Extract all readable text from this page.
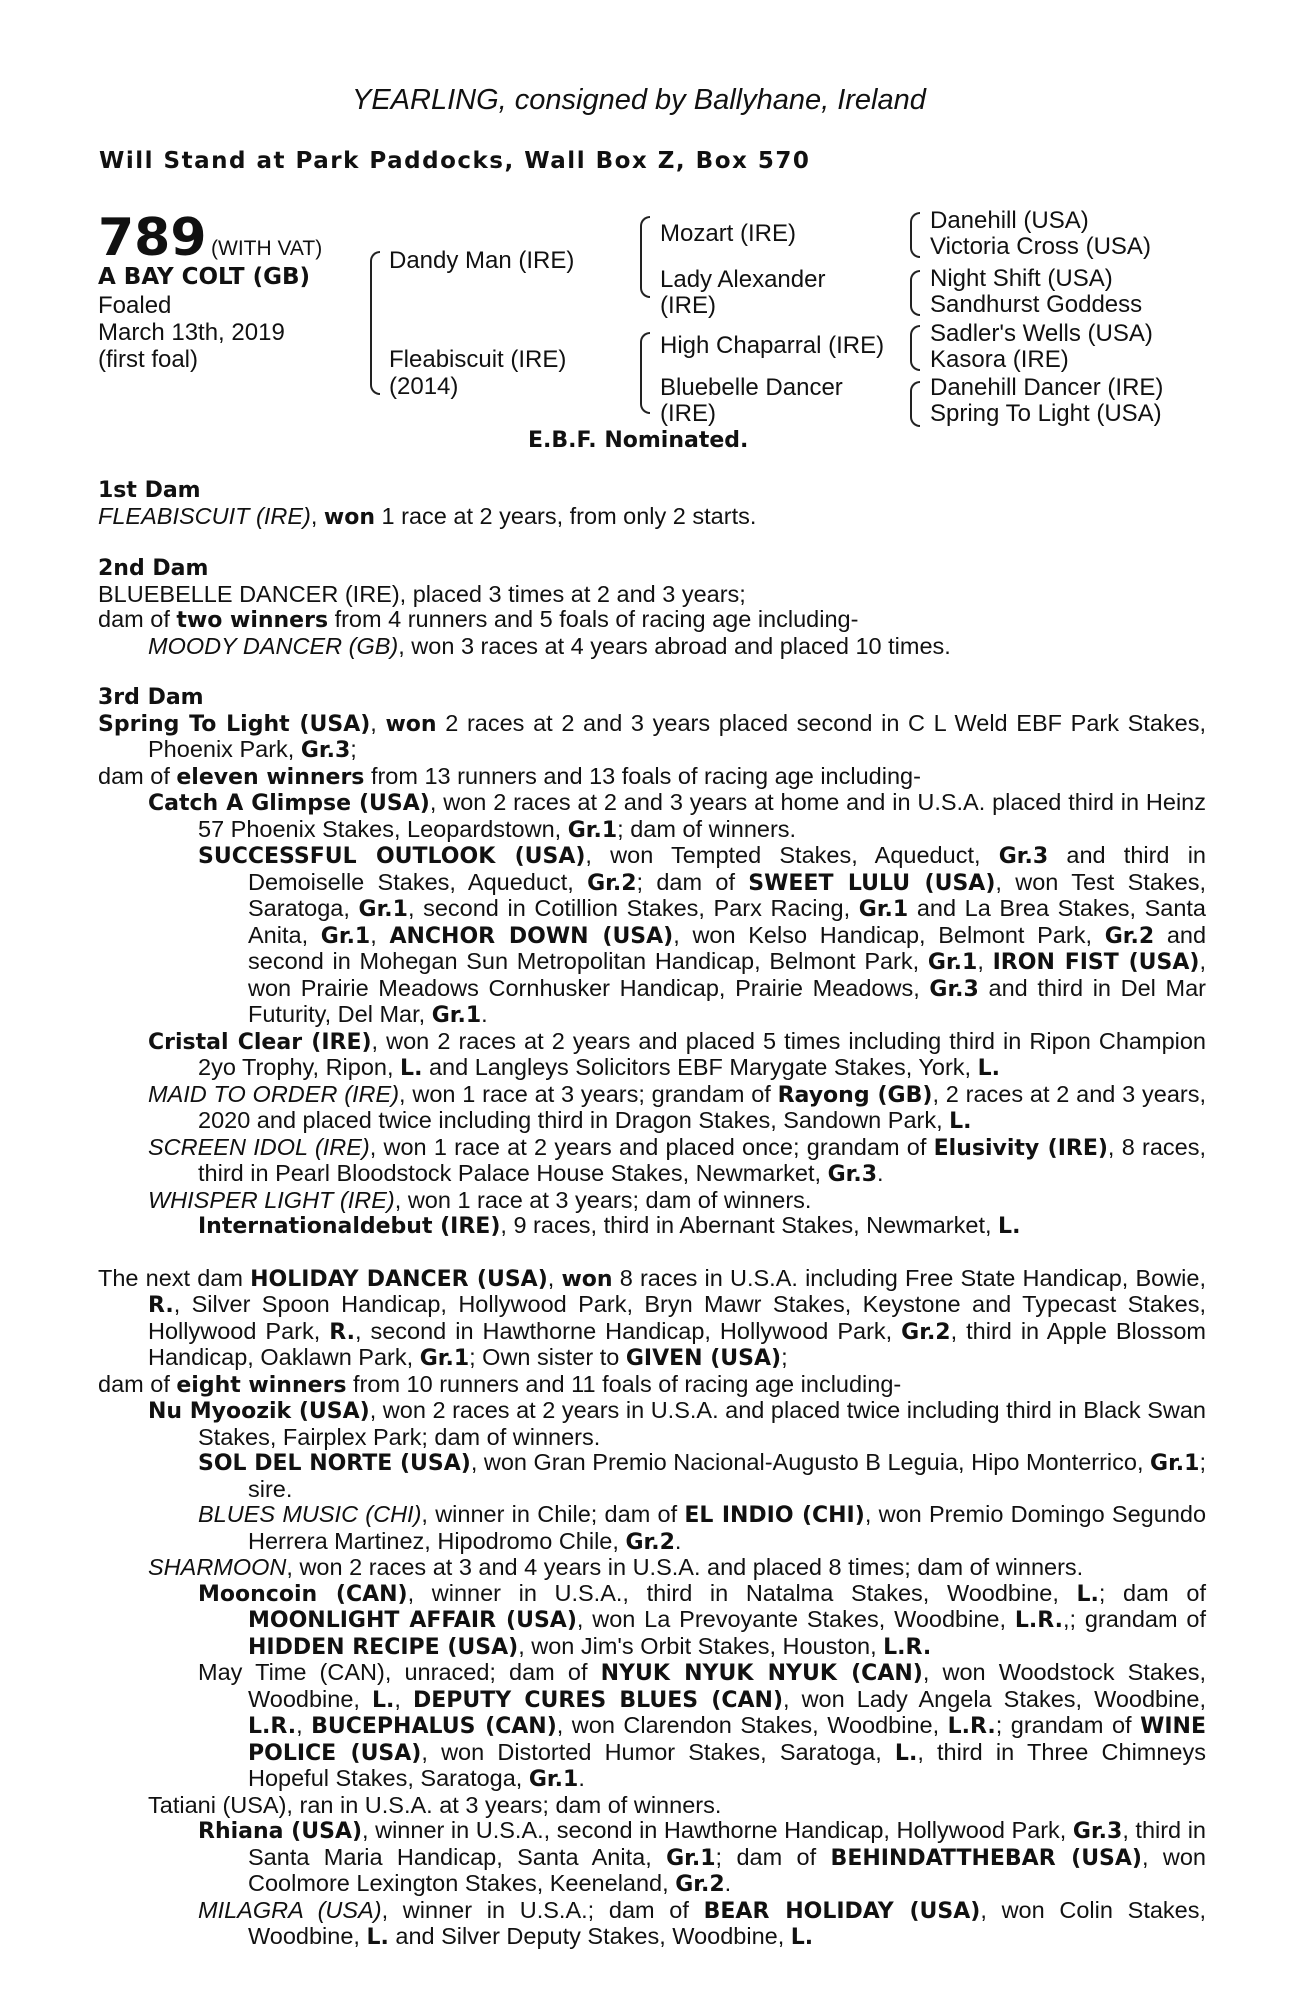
YEARLING, consigned by Ballyhane, Ireland
Will Stand at Park Paddocks, Wall Box Z, Box 570
789 (WITH VAT)
A BAY COLT (GB)
Foaled
March 13th, 2019
(first foal)
Dandy Man (IRE)
Fleabiscuit (IRE)
(2014)
Mozart (IRE)
Lady Alexander
(IRE)
High Chaparral (IRE)
Bluebelle Dancer
(IRE)
Danehill (USA)
Victoria Cross (USA)
Night Shift (USA)
Sandhurst Goddess
Sadler's Wells (USA)
Kasora (IRE)
Danehill Dancer (IRE)
Spring To Light (USA)
E.B.F. Nominated.

1st Dam

FLEABISCUIT (IRE), won 1 race at 2 years, from only 2 starts.

2nd Dam

BLUEBELLE DANCER (IRE), placed 3 times at 2 and 3 years;

dam of two winners from 4 runners and 5 foals of racing age including-

MOODY DANCER (GB), won 3 races at 4 years abroad and placed 10 times.

3rd Dam

Spring To Light (USA), won 2 races at 2 and 3 years placed second in C L Weld EBF Park Stakes, Phoenix Park, Gr.3;

dam of eleven winners from 13 runners and 13 foals of racing age including-

Catch A Glimpse (USA), won 2 races at 2 and 3 years at home and in U.S.A. placed third in Heinz 57 Phoenix Stakes, Leopardstown, Gr.1; dam of winners.

SUCCESSFUL OUTLOOK (USA), won Tempted Stakes, Aqueduct, Gr.3 and third in Demoiselle Stakes, Aqueduct, Gr.2; dam of SWEET LULU (USA), won Test Stakes, Saratoga, Gr.1, second in Cotillion Stakes, Parx Racing, Gr.1 and La Brea Stakes, Santa Anita, Gr.1, ANCHOR DOWN (USA), won Kelso Handicap, Belmont Park, Gr.2 and second in Mohegan Sun Metropolitan Handicap, Belmont Park, Gr.1, IRON FIST (USA), won Prairie Meadows Cornhusker Handicap, Prairie Meadows, Gr.3 and third in Del Mar Futurity, Del Mar, Gr.1.

Cristal Clear (IRE), won 2 races at 2 years and placed 5 times including third in Ripon Champion 2yo Trophy, Ripon, L. and Langleys Solicitors EBF Marygate Stakes, York, L.

MAID TO ORDER (IRE), won 1 race at 3 years; grandam of Rayong (GB), 2 races at 2 and 3 years, 2020 and placed twice including third in Dragon Stakes, Sandown Park, L.

SCREEN IDOL (IRE), won 1 race at 2 years and placed once; grandam of Elusivity (IRE), 8 races, third in Pearl Bloodstock Palace House Stakes, Newmarket, Gr.3.

WHISPER LIGHT (IRE), won 1 race at 3 years; dam of winners.

Internationaldebut (IRE), 9 races, third in Abernant Stakes, Newmarket, L.

The next dam HOLIDAY DANCER (USA), won 8 races in U.S.A. including Free State Handicap, Bowie, R., Silver Spoon Handicap, Hollywood Park, Bryn Mawr Stakes, Keystone and Typecast Stakes, Hollywood Park, R., second in Hawthorne Handicap, Hollywood Park, Gr.2, third in Apple Blossom Handicap, Oaklawn Park, Gr.1; Own sister to GIVEN (USA);

dam of eight winners from 10 runners and 11 foals of racing age including-

Nu Myoozik (USA), won 2 races at 2 years in U.S.A. and placed twice including third in Black Swan Stakes, Fairplex Park; dam of winners.

SOL DEL NORTE (USA), won Gran Premio Nacional-Augusto B Leguia, Hipo Monterrico, Gr.1; sire.

BLUES MUSIC (CHI), winner in Chile; dam of EL INDIO (CHI), won Premio Domingo Segundo Herrera Martinez, Hipodromo Chile, Gr.2.

SHARMOON, won 2 races at 3 and 4 years in U.S.A. and placed 8 times; dam of winners.

Mooncoin (CAN), winner in U.S.A., third in Natalma Stakes, Woodbine, L.; dam of MOONLIGHT AFFAIR (USA), won La Prevoyante Stakes, Woodbine, L.R.,; grandam of HIDDEN RECIPE (USA), won Jim's Orbit Stakes, Houston, L.R.

May Time (CAN), unraced; dam of NYUK NYUK NYUK (CAN), won Woodstock Stakes, Woodbine, L., DEPUTY CURES BLUES (CAN), won Lady Angela Stakes, Woodbine, L.R., BUCEPHALUS (CAN), won Clarendon Stakes, Woodbine, L.R.; grandam of WINE POLICE (USA), won Distorted Humor Stakes, Saratoga, L., third in Three Chimneys Hopeful Stakes, Saratoga, Gr.1.

Tatiani (USA), ran in U.S.A. at 3 years; dam of winners.

Rhiana (USA), winner in U.S.A., second in Hawthorne Handicap, Hollywood Park, Gr.3, third in Santa Maria Handicap, Santa Anita, Gr.1; dam of BEHINDATTHEBAR (USA), won Coolmore Lexington Stakes, Keeneland, Gr.2.

MILAGRA (USA), winner in U.S.A.; dam of BEAR HOLIDAY (USA), won Colin Stakes, Woodbine, L. and Silver Deputy Stakes, Woodbine, L.
